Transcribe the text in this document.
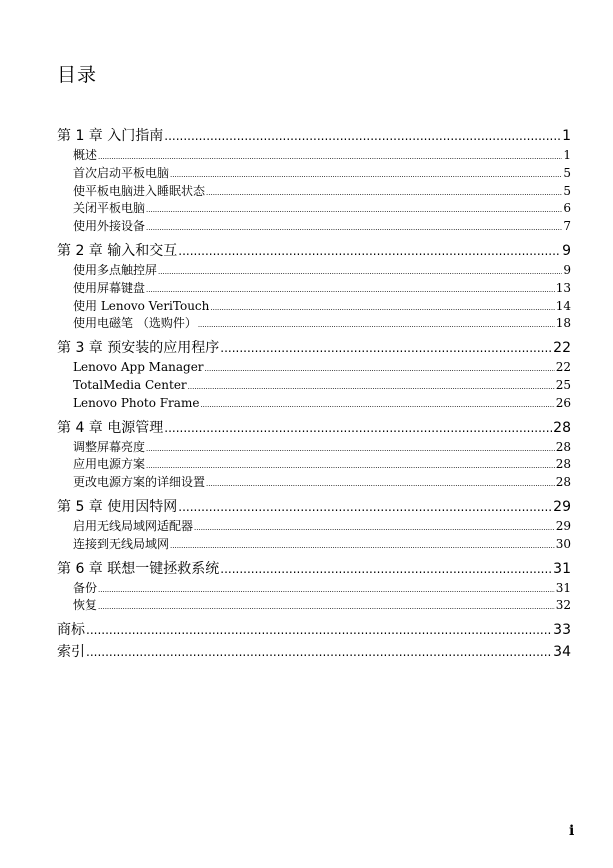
目录
第 1 章 入门指南 .....	1
概述 .....	1
首次启动平板电脑 .....	5
使平板电脑进入睡眠状态 .....	5
关闭平板电脑 .....	6
使用外接设备 .....	7
第 2 章 输入和交互 .....	9
使用多点触控屏 .....	9
使用屏幕键盘 .....	13
使用 Lenovo VeriTouch .....	14
使用电磁笔 （选购件） .....	18
第 3 章 预安装的应用程序 .....	22
Lenovo App Manager .....	22
TotalMedia Center .....	25
Lenovo Photo Frame .....	26
第 4 章 电源管理 .....	28
调整屏幕亮度 .....	28
应用电源方案 .....	28
更改电源方案的详细设置 .....	28
第 5 章 使用因特网 .....	29
启用无线局域网适配器 .....	29
连接到无线局域网 .....	30
第 6 章 联想一键拯救系统 .....	31
备份 .....	31
恢复 .....	32
商标 .....	33
索引 .....	34
i
